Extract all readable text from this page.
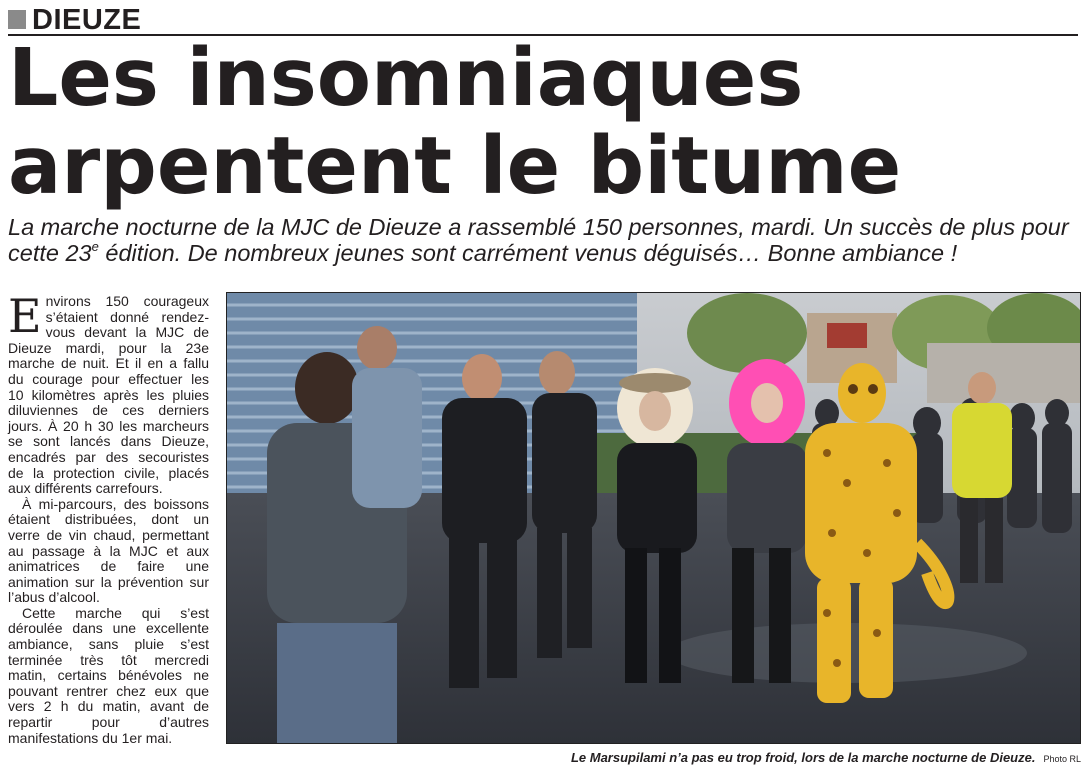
DIEUZE
Les insomniaques
arpentent le bitume

La marche nocturne de la MJC de Dieuze a rassemblé 150 personnes, mardi. Un succès de plus pour cette 23e édition. De nombreux jeunes sont carrément venus déguisés… Bonne ambiance !

Environs 150 courageux s’étaient donné rendez-vous devant la MJC de Dieuze mardi, pour la 23e marche de nuit. Et il en a fallu du courage pour effectuer les 10 kilomètres après les pluies diluviennes de ces derniers jours. À 20 h 30 les marcheurs se sont lancés dans Dieuze, encadrés par des secouristes de la protection civile, placés aux différents carrefours.

À mi-parcours, des boissons étaient distribuées, dont un verre de vin chaud, permettant au passage à la MJC et aux animatrices de faire une animation sur la prévention sur l’abus d’alcool.

Cette marche qui s’est déroulée dans une excellente ambiance, sans pluie s’est terminée très tôt mercredi matin, certains bénévoles ne pouvant rentrer chez eux que vers 2 h du matin, avant de repartir pour d’autres manifestations du 1er mai.

Le Marsupilami n’a pas eu trop froid, lors de la marche nocturne de Dieuze. Photo RL
